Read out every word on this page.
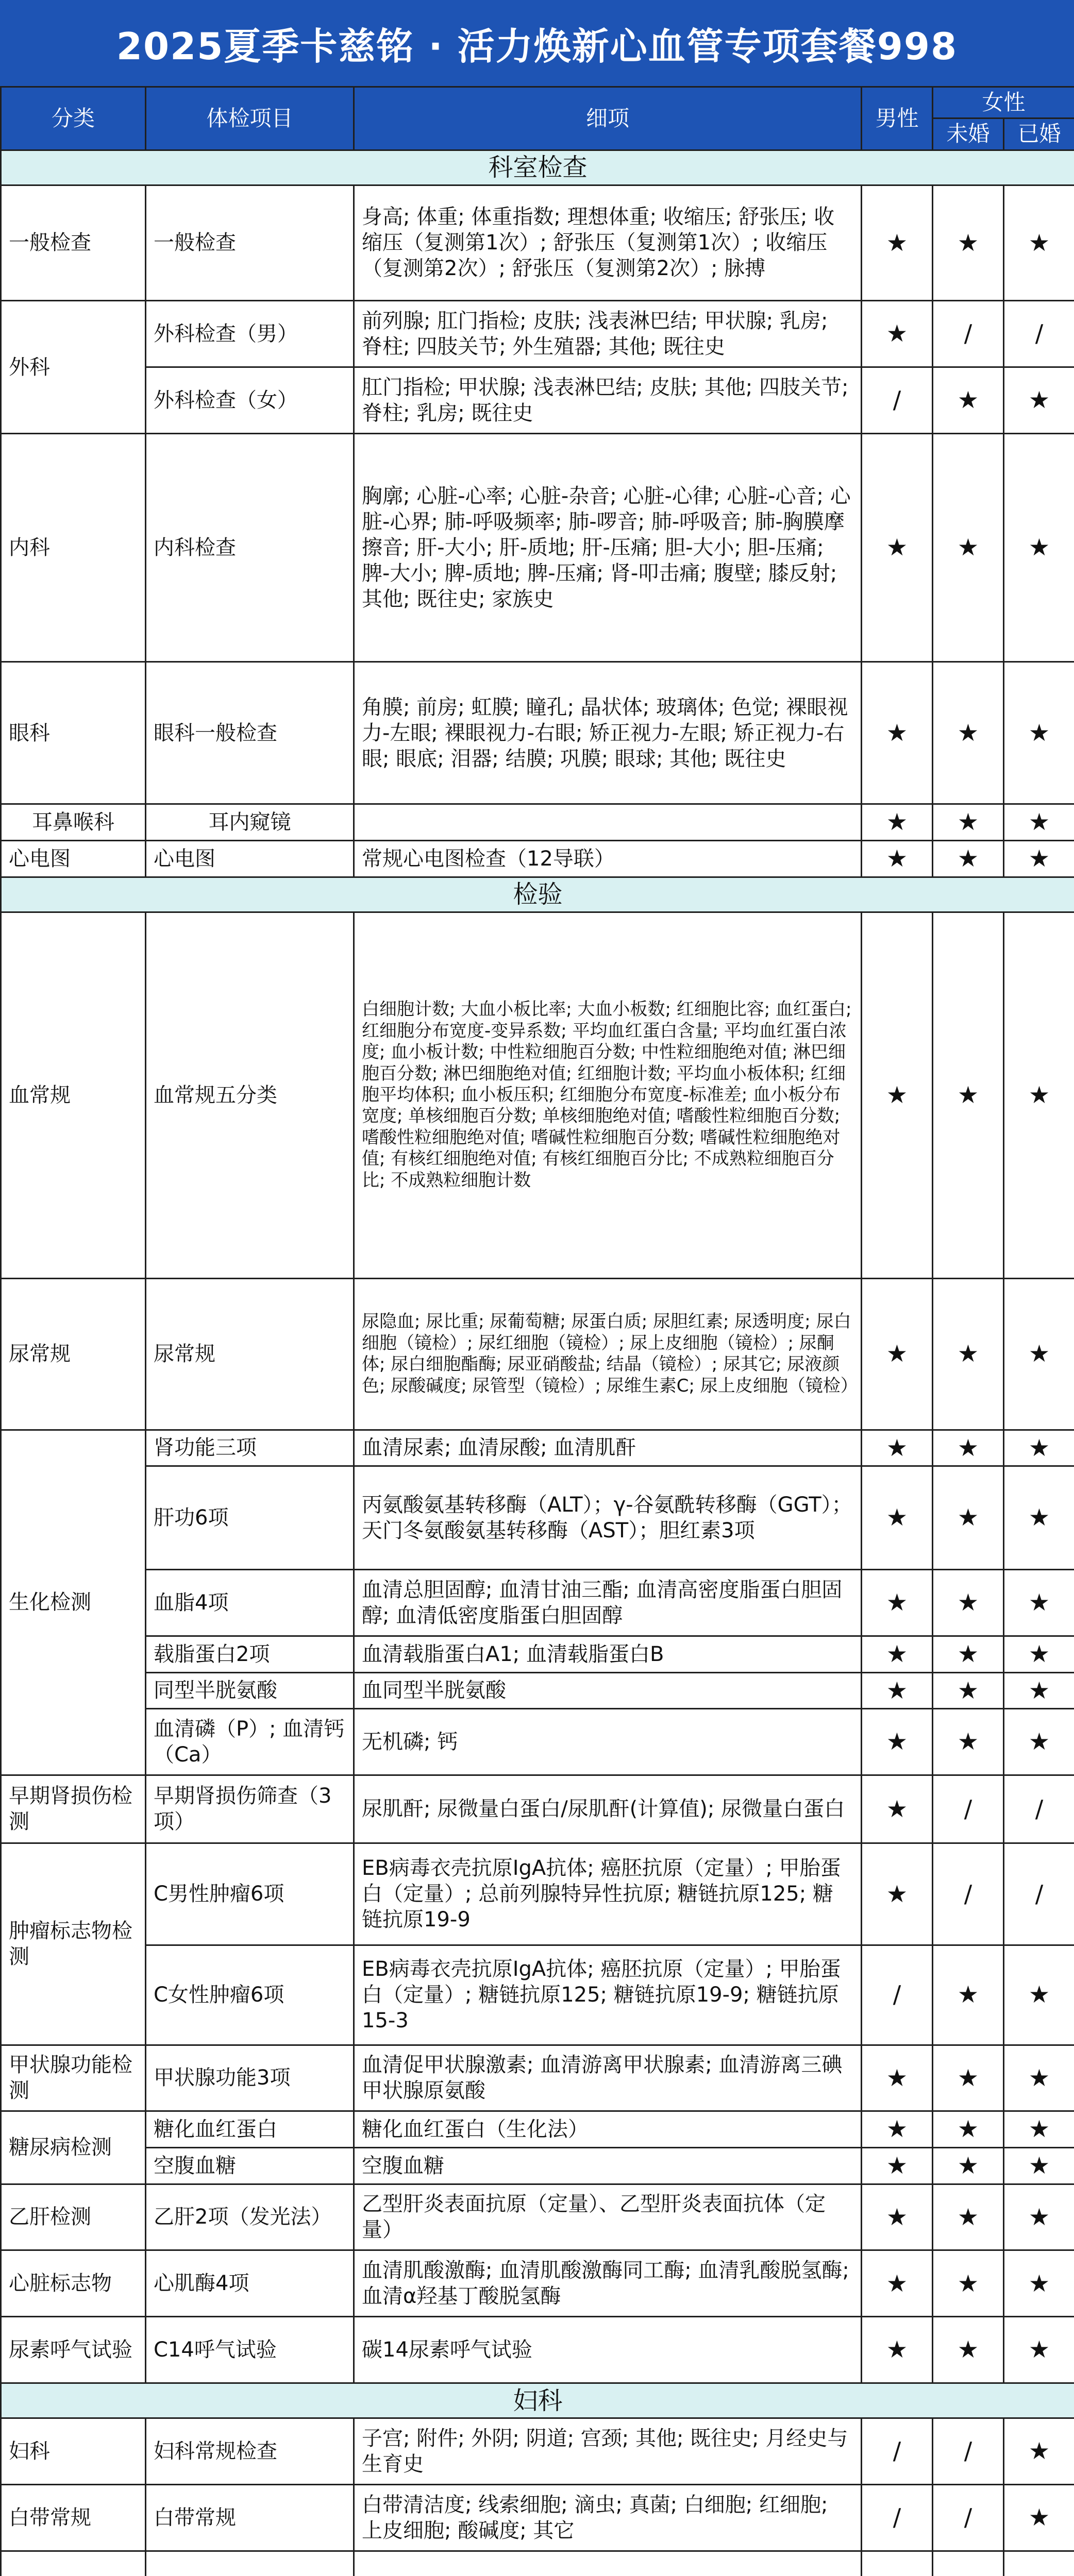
2025夏季卡慈铭 · 活力焕新心血管专项套餐998
分类	体检项目	细项	男性	女性	
				未婚	已婚
科室检查					
一般检查	一般检查	身高; 体重; 体重指数; 理想体重; 收缩压; 舒张压; 收缩压（复测第1次）; 舒张压（复测第1次）; 收缩压（复测第2次）; 舒张压（复测第2次）; 脉搏	★	★	★
外科	外科检查（男）	前列腺; 肛门指检; 皮肤; 浅表淋巴结; 甲状腺; 乳房; 脊柱; 四肢关节; 外生殖器; 其他; 既往史	★	/	/
	外科检查（女）	肛门指检; 甲状腺; 浅表淋巴结; 皮肤; 其他; 四肢关节; 脊柱; 乳房; 既往史	/	★	★
内科	内科检查	胸廓; 心脏-心率; 心脏-杂音; 心脏-心律; 心脏-心音; 心脏-心界; 肺-呼吸频率; 肺-啰音; 肺-呼吸音; 肺-胸膜摩擦音; 肝-大小; 肝-质地; 肝-压痛; 胆-大小; 胆-压痛; 脾-大小; 脾-质地; 脾-压痛; 肾-叩击痛; 腹壁; 膝反射; 其他; 既往史; 家族史	★	★	★
眼科	眼科一般检查	角膜; 前房; 虹膜; 瞳孔; 晶状体; 玻璃体; 色觉; 裸眼视力-左眼; 裸眼视力-右眼; 矫正视力-左眼; 矫正视力-右眼; 眼底; 泪器; 结膜; 巩膜; 眼球; 其他; 既往史	★	★	★
耳鼻喉科	耳内窥镜		★	★	★
心电图	心电图	常规心电图检查（12导联）	★	★	★
检验					
血常规	血常规五分类	白细胞计数; 大血小板比率; 大血小板数; 红细胞比容; 血红蛋白; 红细胞分布宽度-变异系数; 平均血红蛋白含量; 平均血红蛋白浓度; 血小板计数; 中性粒细胞百分数; 中性粒细胞绝对值; 淋巴细胞百分数; 淋巴细胞绝对值; 红细胞计数; 平均血小板体积; 红细胞平均体积; 血小板压积; 红细胞分布宽度-标准差; 血小板分布宽度; 单核细胞百分数; 单核细胞绝对值; 嗜酸性粒细胞百分数; 嗜酸性粒细胞绝对值; 嗜碱性粒细胞百分数; 嗜碱性粒细胞绝对值; 有核红细胞绝对值; 有核红细胞百分比; 不成熟粒细胞百分比; 不成熟粒细胞计数	★	★	★
尿常规	尿常规	尿隐血; 尿比重; 尿葡萄糖; 尿蛋白质; 尿胆红素; 尿透明度; 尿白细胞（镜检）; 尿红细胞（镜检）; 尿上皮细胞（镜检）; 尿酮体; 尿白细胞酯酶; 尿亚硝酸盐; 结晶（镜检）; 尿其它; 尿液颜色; 尿酸碱度; 尿管型（镜检）; 尿维生素C; 尿上皮细胞（镜检）	★	★	★
生化检测	肾功能三项	血清尿素; 血清尿酸; 血清肌酐	★	★	★
	肝功6项	丙氨酸氨基转移酶（ALT）；γ-谷氨酰转移酶（GGT）；天门冬氨酸氨基转移酶（AST）；胆红素3项	★	★	★
	血脂4项	血清总胆固醇; 血清甘油三酯; 血清高密度脂蛋白胆固醇; 血清低密度脂蛋白胆固醇	★	★	★
	载脂蛋白2项	血清载脂蛋白A1; 血清载脂蛋白B	★	★	★
	同型半胱氨酸	血同型半胱氨酸	★	★	★
	血清磷（P）; 血清钙（Ca）	无机磷; 钙	★	★	★
早期肾损伤检测	早期肾损伤筛查（3项）	尿肌酐; 尿微量白蛋白/尿肌酐(计算值); 尿微量白蛋白	★	/	/
肿瘤标志物检测	C男性肿瘤6项	EB病毒衣壳抗原IgA抗体; 癌胚抗原（定量）; 甲胎蛋白（定量）; 总前列腺特异性抗原; 糖链抗原125; 糖链抗原19-9	★	/	/
	C女性肿瘤6项	EB病毒衣壳抗原IgA抗体; 癌胚抗原（定量）; 甲胎蛋白（定量）; 糖链抗原125; 糖链抗原19-9; 糖链抗原15-3	/	★	★
甲状腺功能检测	甲状腺功能3项	血清促甲状腺激素; 血清游离甲状腺素; 血清游离三碘甲状腺原氨酸	★	★	★
糖尿病检测	糖化血红蛋白	糖化血红蛋白（生化法）	★	★	★
	空腹血糖	空腹血糖	★	★	★
乙肝检测	乙肝2项（发光法）	乙型肝炎表面抗原（定量）、乙型肝炎表面抗体（定量）	★	★	★
心脏标志物	心肌酶4项	血清肌酸激酶; 血清肌酸激酶同工酶; 血清乳酸脱氢酶; 血清α羟基丁酸脱氢酶	★	★	★
尿素呼气试验	C14呼气试验	碳14尿素呼气试验	★	★	★
妇科					
妇科	妇科常规检查	子宫; 附件; 外阴; 阴道; 宫颈; 其他; 既往史; 月经史与生育史	/	/	★
白带常规	白带常规	白带清洁度; 线索细胞; 滴虫; 真菌; 白细胞; 红细胞; 上皮细胞; 酸碱度; 其它	/	/	★
